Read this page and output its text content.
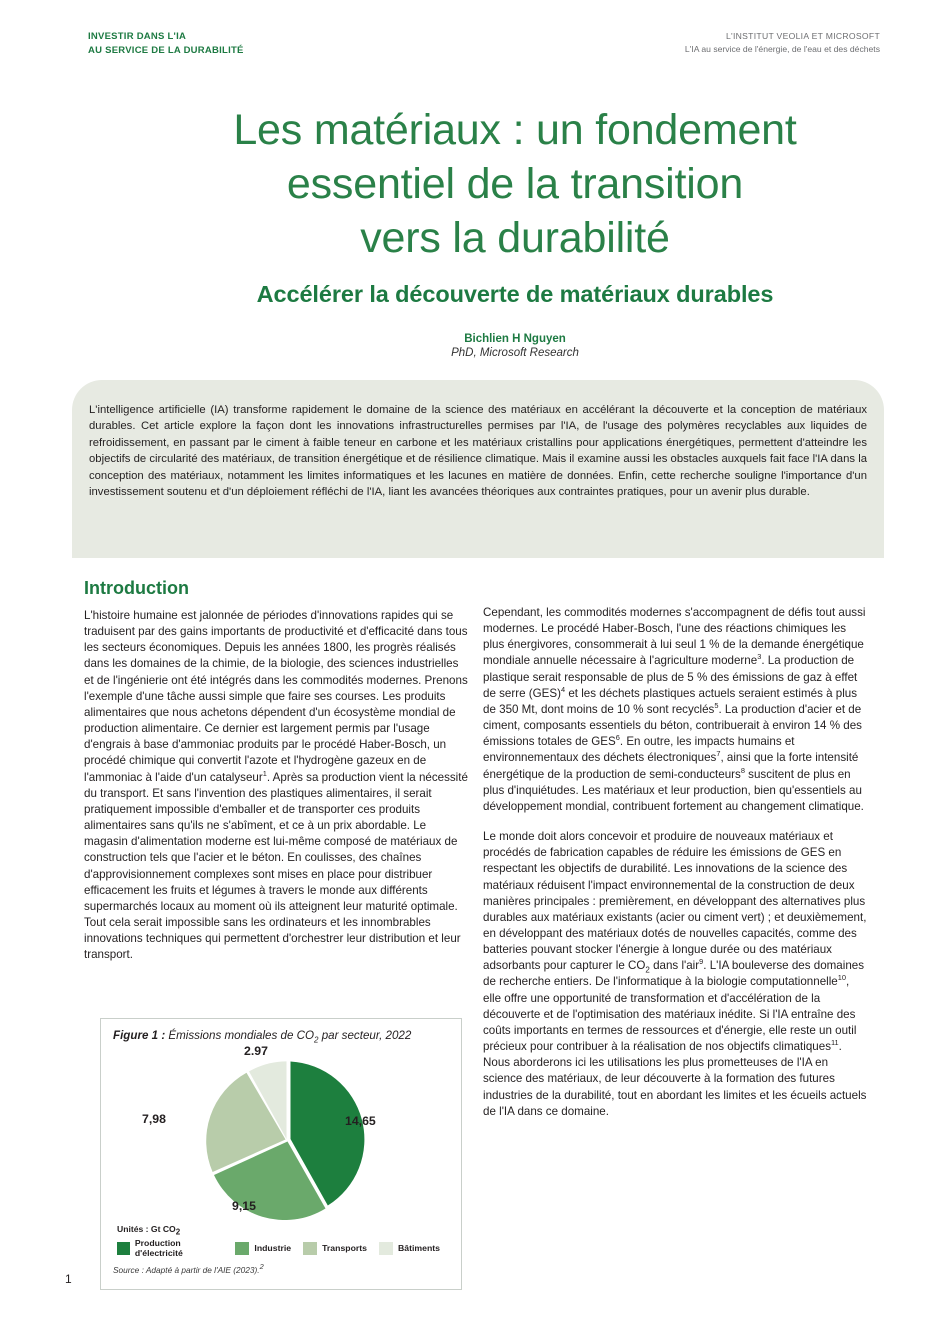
INVESTIR DANS L'IA
AU SERVICE DE LA DURABILITÉ
L'INSTITUT VEOLIA ET MICROSOFT
L'IA au service de l'énergie, de l'eau et des déchets
Les matériaux : un fondement
essentiel de la transition
vers la durabilité
Accélérer la découverte de matériaux durables
Bichlien H Nguyen
PhD, Microsoft Research

L'intelligence artificielle (IA) transforme rapidement le domaine de la science des matériaux en accélérant la découverte et la conception de matériaux durables. Cet article explore la façon dont les innovations infrastructurelles permises par l'IA, de l'usage des polymères recyclables aux liquides de refroidissement, en passant par le ciment à faible teneur en carbone et les matériaux cristallins pour applications énergétiques, permettent d'atteindre les objectifs de circularité des matériaux, de transition énergétique et de résilience climatique. Mais il examine aussi les obstacles auxquels fait face l'IA dans la conception des matériaux, notamment les limites informatiques et les lacunes en matière de données. Enfin, cette recherche souligne l'importance d'un investissement soutenu et d'un déploiement réfléchi de l'IA, liant les avancées théoriques aux contraintes pratiques, pour un avenir plus durable.

Introduction

L'histoire humaine est jalonnée de périodes d'innovations rapides qui se traduisent par des gains importants de productivité et d'efficacité dans tous les secteurs économiques. Depuis les années 1800, les progrès réalisés dans les domaines de la chimie, de la biologie, des sciences industrielles et de l'ingénierie ont été intégrés dans les commodités modernes. Prenons l'exemple d'une tâche aussi simple que faire ses courses. Les produits alimentaires que nous achetons dépendent d'un écosystème mondial de production alimentaire. Ce dernier est largement permis par l'usage d'engrais à base d'ammoniac produits par le procédé Haber-Bosch, un procédé chimique qui convertit l'azote et l'hydrogène gazeux en de l'ammoniac à l'aide d'un catalyseur$^1$. Après sa production vient la nécessité du transport. Et sans l'invention des plastiques alimentaires, il serait pratiquement impossible d'emballer et de transporter ces produits alimentaires sans qu'ils ne s'abîment, et ce à un prix abordable. Le magasin d'alimentation moderne est lui-même composé de matériaux de construction tels que l'acier et le béton. En coulisses, des chaînes d'approvisionnement complexes sont mises en place pour distribuer efficacement les fruits et légumes à travers le monde aux différents supermarchés locaux au moment où ils atteignent leur maturité optimale. Tout cela serait impossible sans les ordinateurs et les innombrables innovations techniques qui permettent d'orchestrer leur distribution et leur transport.

Cependant, les commodités modernes s'accompagnent de défis tout aussi modernes. Le procédé Haber-Bosch, l'une des réactions chimiques les plus énergivores, consommerait à lui seul 1 % de la demande énergétique mondiale annuelle nécessaire à l'agriculture moderne$^3$. La production de plastique serait responsable de plus de 5 % des émissions de gaz à effet de serre (GES)$^4$ et les déchets plastiques actuels seraient estimés à plus de 350 Mt, dont moins de 10 % sont recyclés$^5$. La production d'acier et de ciment, composants essentiels du béton, contribuerait à environ 14 % des émissions totales de GES$^6$. En outre, les impacts humains et environnementaux des déchets électroniques$^7$, ainsi que la forte intensité énergétique de la production de semi-conducteurs$^8$ suscitent de plus en plus d'inquiétudes. Les matériaux et leur production, bien qu'essentiels au développement mondial, contribuent fortement au changement climatique.

Le monde doit alors concevoir et produire de nouveaux matériaux et procédés de fabrication capables de réduire les émissions de GES en respectant les objectifs de durabilité. Les innovations de la science des matériaux réduisent l'impact environnemental de la construction de deux manières principales : premièrement, en développant des alternatives plus durables aux matériaux existants (acier ou ciment vert) ; et deuxièmement, en développant des matériaux dotés de nouvelles capacités, comme des batteries pouvant stocker l'énergie à longue durée ou des matériaux adsorbants pour capturer le $CO_2$ dans l'air$^9$. L'IA bouleverse des domaines de recherche entiers. De l'informatique à la biologie computationnelle$^{10}$, elle offre une opportunité de transformation et d'accélération de la découverte et de l'optimisation des matériaux inédite. Si l'IA entraîne des coûts importants en termes de ressources et d'énergie, elle reste un outil précieux pour contribuer à la réalisation de nos objectifs climatiques$^{11}$. Nous aborderons ici les utilisations les plus prometteuses de l'IA en science des matériaux, de leur découverte à la formation des futures industries de la durabilité, tout en abordant les limites et les écueils actuels de l'IA dans ce domaine.

Figure 1 : Émissions mondiales de $CO_2$ par secteur, 2022
2.97
7,98	14,65
9,15
Unités : Gt $CO_2$
Production d'électricité	Industrie	Transports	Bâtiments
Source : Adapté à partir de l'AIE (2023).$^2$
1
